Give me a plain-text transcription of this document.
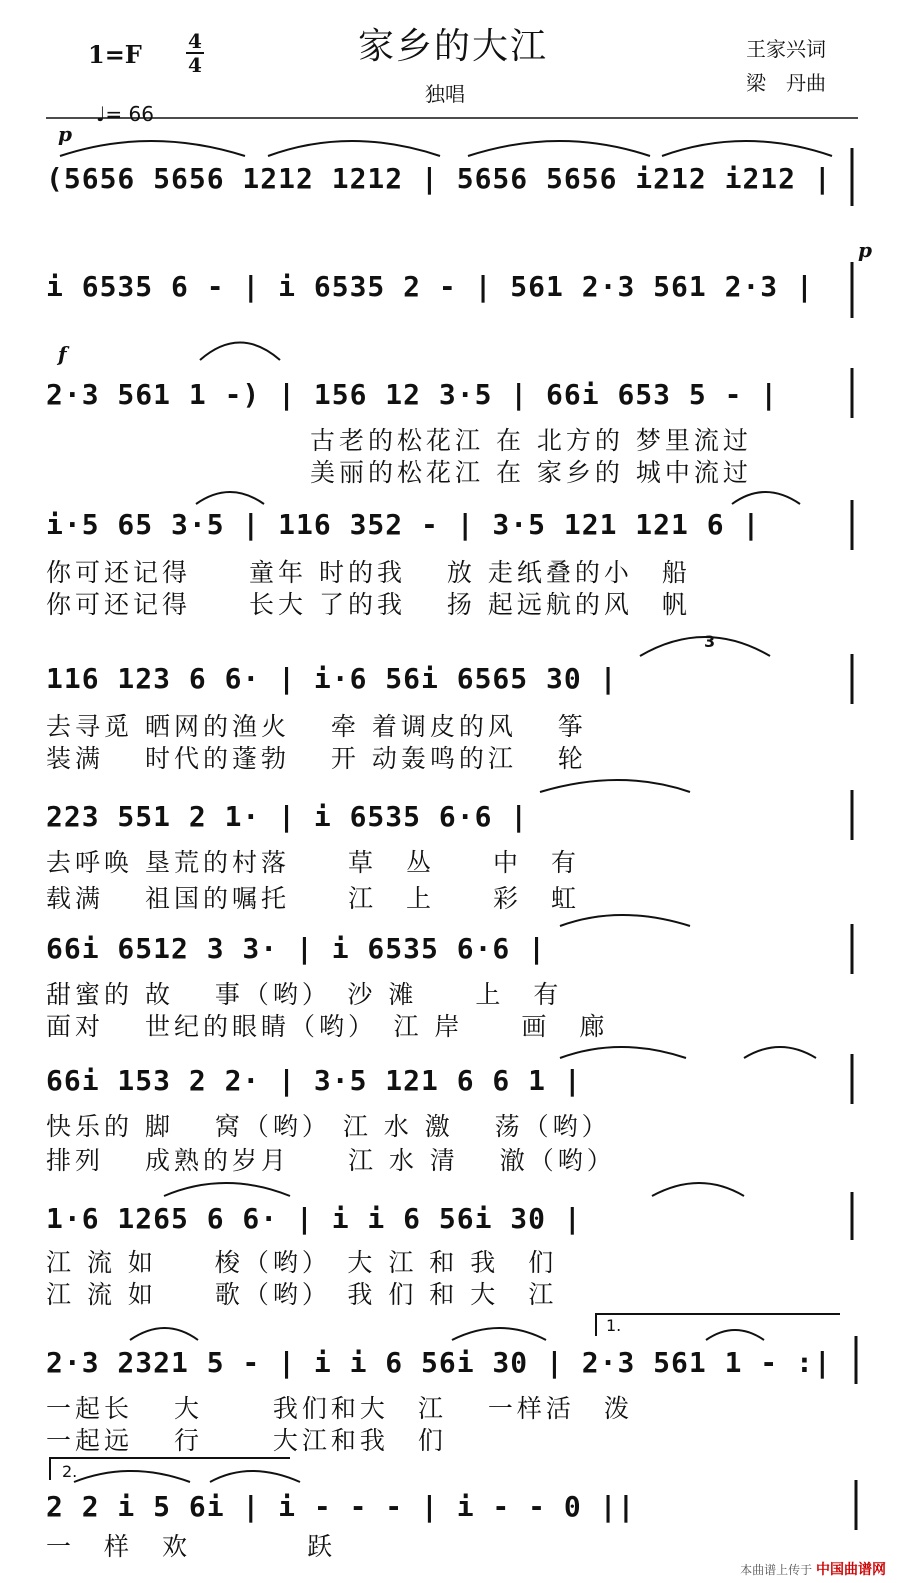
家乡的大江
独唱
1=F 4
4
王家兴词
梁　丹曲
♩= 66
p
p
f
(5656 5656 1212 1212 | 5656 5656 i212 i212 |
i 6535 6 - | i 6535 2 - | 561 2·3 561 2·3 |
2·3 561 1 -) | 156 12 3·5 | 66i 653 5 - |
古老的松花江 在 北方的 梦里流过
美丽的松花江 在 家乡的 城中流过
i·5 65 3·5 | 116 352 - | 3·5 121 121 6 |
你可还记得　　童年 时的我　 放 走纸叠的小　船
你可还记得　　长大 了的我　 扬 起远航的风　帆
116 123 6 6· | i·6 56i 6565 30 |
去寻觅 晒网的渔火　 牵 着调皮的风　 筝
装满　 时代的蓬勃　 开 动轰鸣的江　 轮
223 551 2 1· | i 6535 6·6 |
去呼唤 垦荒的村落　　草　丛　　中　有
载满　 祖国的嘱托　　江　上　　彩　虹
66i 6512 3 3· | i 6535 6·6 |
甜蜜的 故　 事（哟）　沙 滩　　上　有
面对　 世纪的眼睛（哟）　江 岸　　画　廊
66i 153 2 2· | 3·5 121 6 6 1 |
快乐的 脚　 窝（哟） 江 水 激　 荡（哟）
排列　 成熟的岁月　　江 水 清　 澈（哟）
1·6 1265 6 6· | i i 6 56i 30 |
江 流 如　　梭（哟）　大 江 和 我　们
江 流 如　　歌（哟）　我 们 和 大　江
2·3 2321 5 - | i i 6 56i 30 | 2·3 561 1 - :|
一起长　 大　　 我们和大　江　 一样活　泼
一起远　 行　　 大江和我　们
2 2 i 5 6i | i - - - | i - - 0 ||
一　样　欢　　　　跃
3
1.
2.
本曲谱上传于 中国曲谱网
